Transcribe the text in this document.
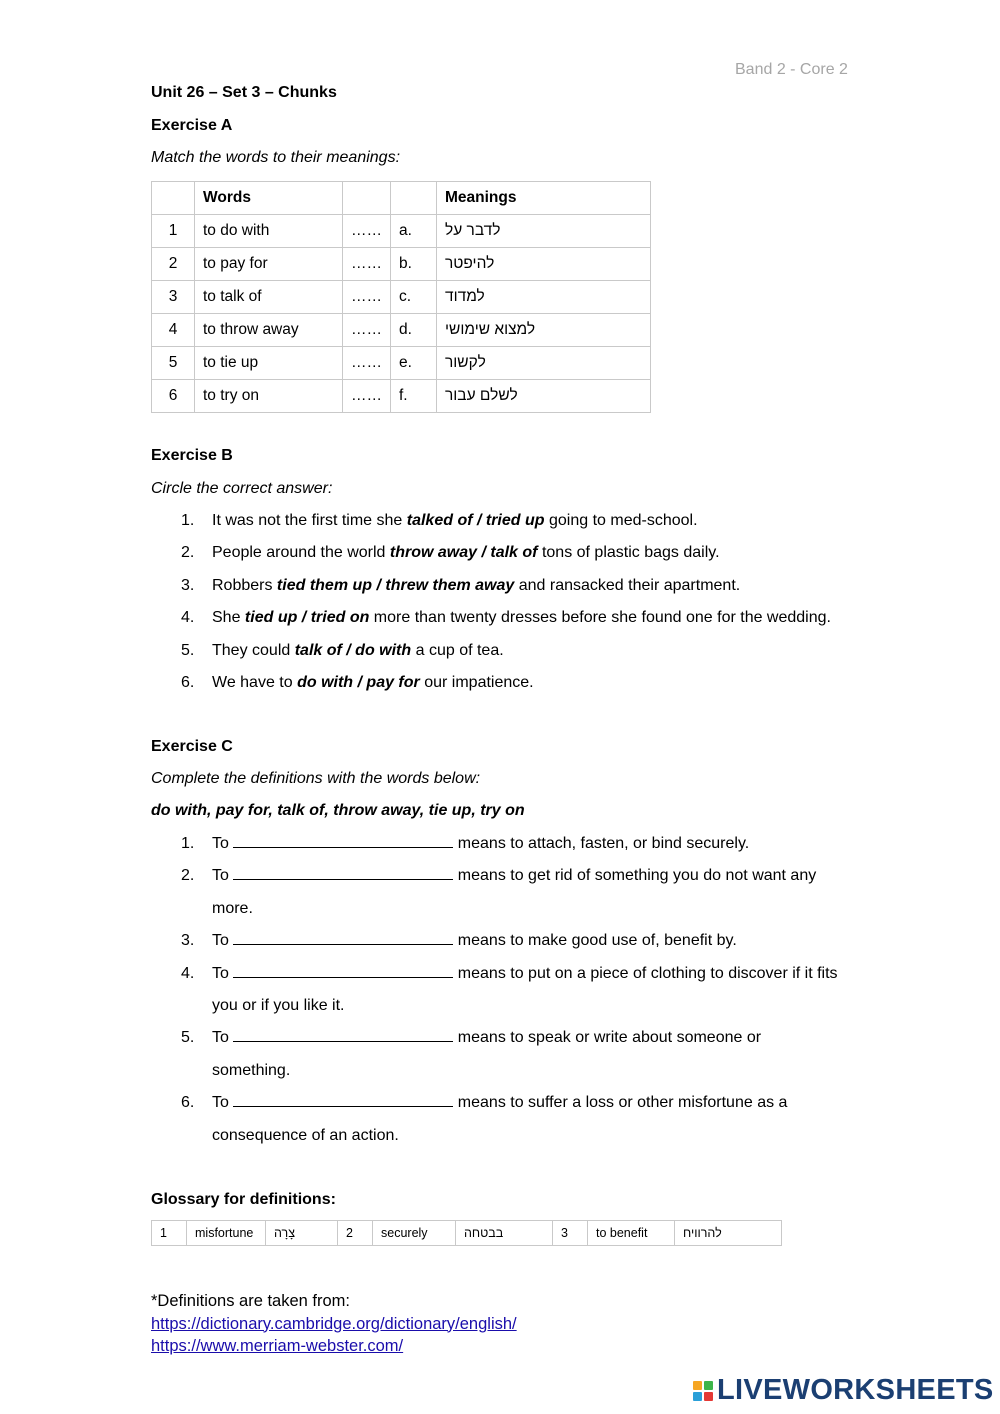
Band 2 - Core 2
Unit 26 – Set 3 – Chunks
Exercise A
Match the words to their meanings:
	Words			Meanings
1	to do with	……	a.	לדבר על
2	to pay for	……	b.	להיפטר
3	to talk of	……	c.	למדוד
4	to throw away	……	d.	למצוא שימושי
5	to tie up	……	e.	לקשור
6	to try on	……	f.	לשלם עבור
Exercise B
Circle the correct answer:
1. It was not the first time she talked of / tried up going to med-school.
2. People around the world throw away / talk of tons of plastic bags daily.
3. Robbers tied them up / threw them away and ransacked their apartment.
4. She tied up / tried on more than twenty dresses before she found one for the wedding.
5. They could talk of / do with a cup of tea.
6. We have to do with / pay for our impatience.
Exercise C
Complete the definitions with the words below:
do with, pay for, talk of, throw away, tie up, try on
1. To	means to attach, fasten, or bind securely.
2. To	means to get rid of something you do not want any
more.
3. To	means to make good use of, benefit by.
4. To	means to put on a piece of clothing to discover if it fits
you or if you like it.
5. To	means to speak or write about someone or
something.
6. To	means to suffer a loss or other misfortune as a
consequence of an action.
Glossary for definitions:
1	misfortune	צָרָה	2	securely	בבטחה	3	to benefit	להרוויח
*Definitions are taken from:
https://dictionary.cambridge.org/dictionary/english/
https://www.merriam-webster.com/
LIVEWORKSHEETS
